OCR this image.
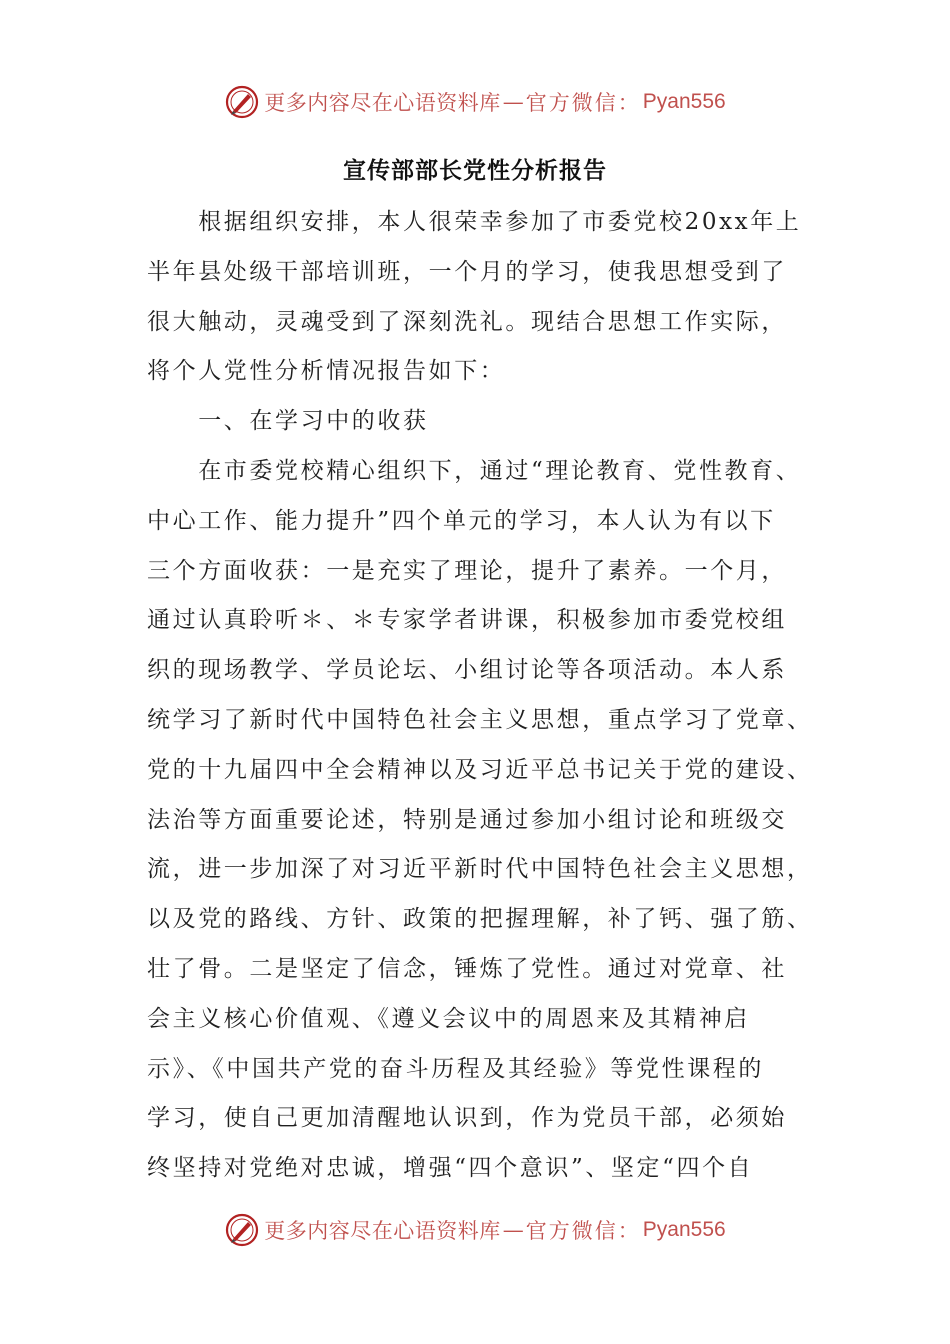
更多内容尽在心语资料库 — 官方微信： Pyan556
宣传部部长党性分析报告
　　根据组织安排，本人很荣幸参加了市委党校20xx年上
半年县处级干部培训班，一个月的学习，使我思想受到了
很大触动，灵魂受到了深刻洗礼。现结合思想工作实际，
将个人党性分析情况报告如下：
　　一、在学习中的收获
　　在市委党校精心组织下，通过“理论教育、党性教育、
中心工作、能力提升”四个单元的学习，本人认为有以下
三个方面收获：一是充实了理论，提升了素养。一个月，
通过认真聆听＊、＊专家学者讲课，积极参加市委党校组
织的现场教学、学员论坛、小组讨论等各项活动。本人系
统学习了新时代中国特色社会主义思想，重点学习了党章、
党的十九届四中全会精神以及习近平总书记关于党的建设、
法治等方面重要论述，特别是通过参加小组讨论和班级交
流，进一步加深了对习近平新时代中国特色社会主义思想，
以及党的路线、方针、政策的把握理解，补了钙、强了筋、
壮了骨。二是坚定了信念，锤炼了党性。通过对党章、社
会主义核心价值观、《遵义会议中的周恩来及其精神启
示》、《中国共产党的奋斗历程及其经验》等党性课程的
学习，使自己更加清醒地认识到，作为党员干部，必须始
终坚持对党绝对忠诚，增强“四个意识”、坚定“四个自
更多内容尽在心语资料库 — 官方微信： Pyan556
